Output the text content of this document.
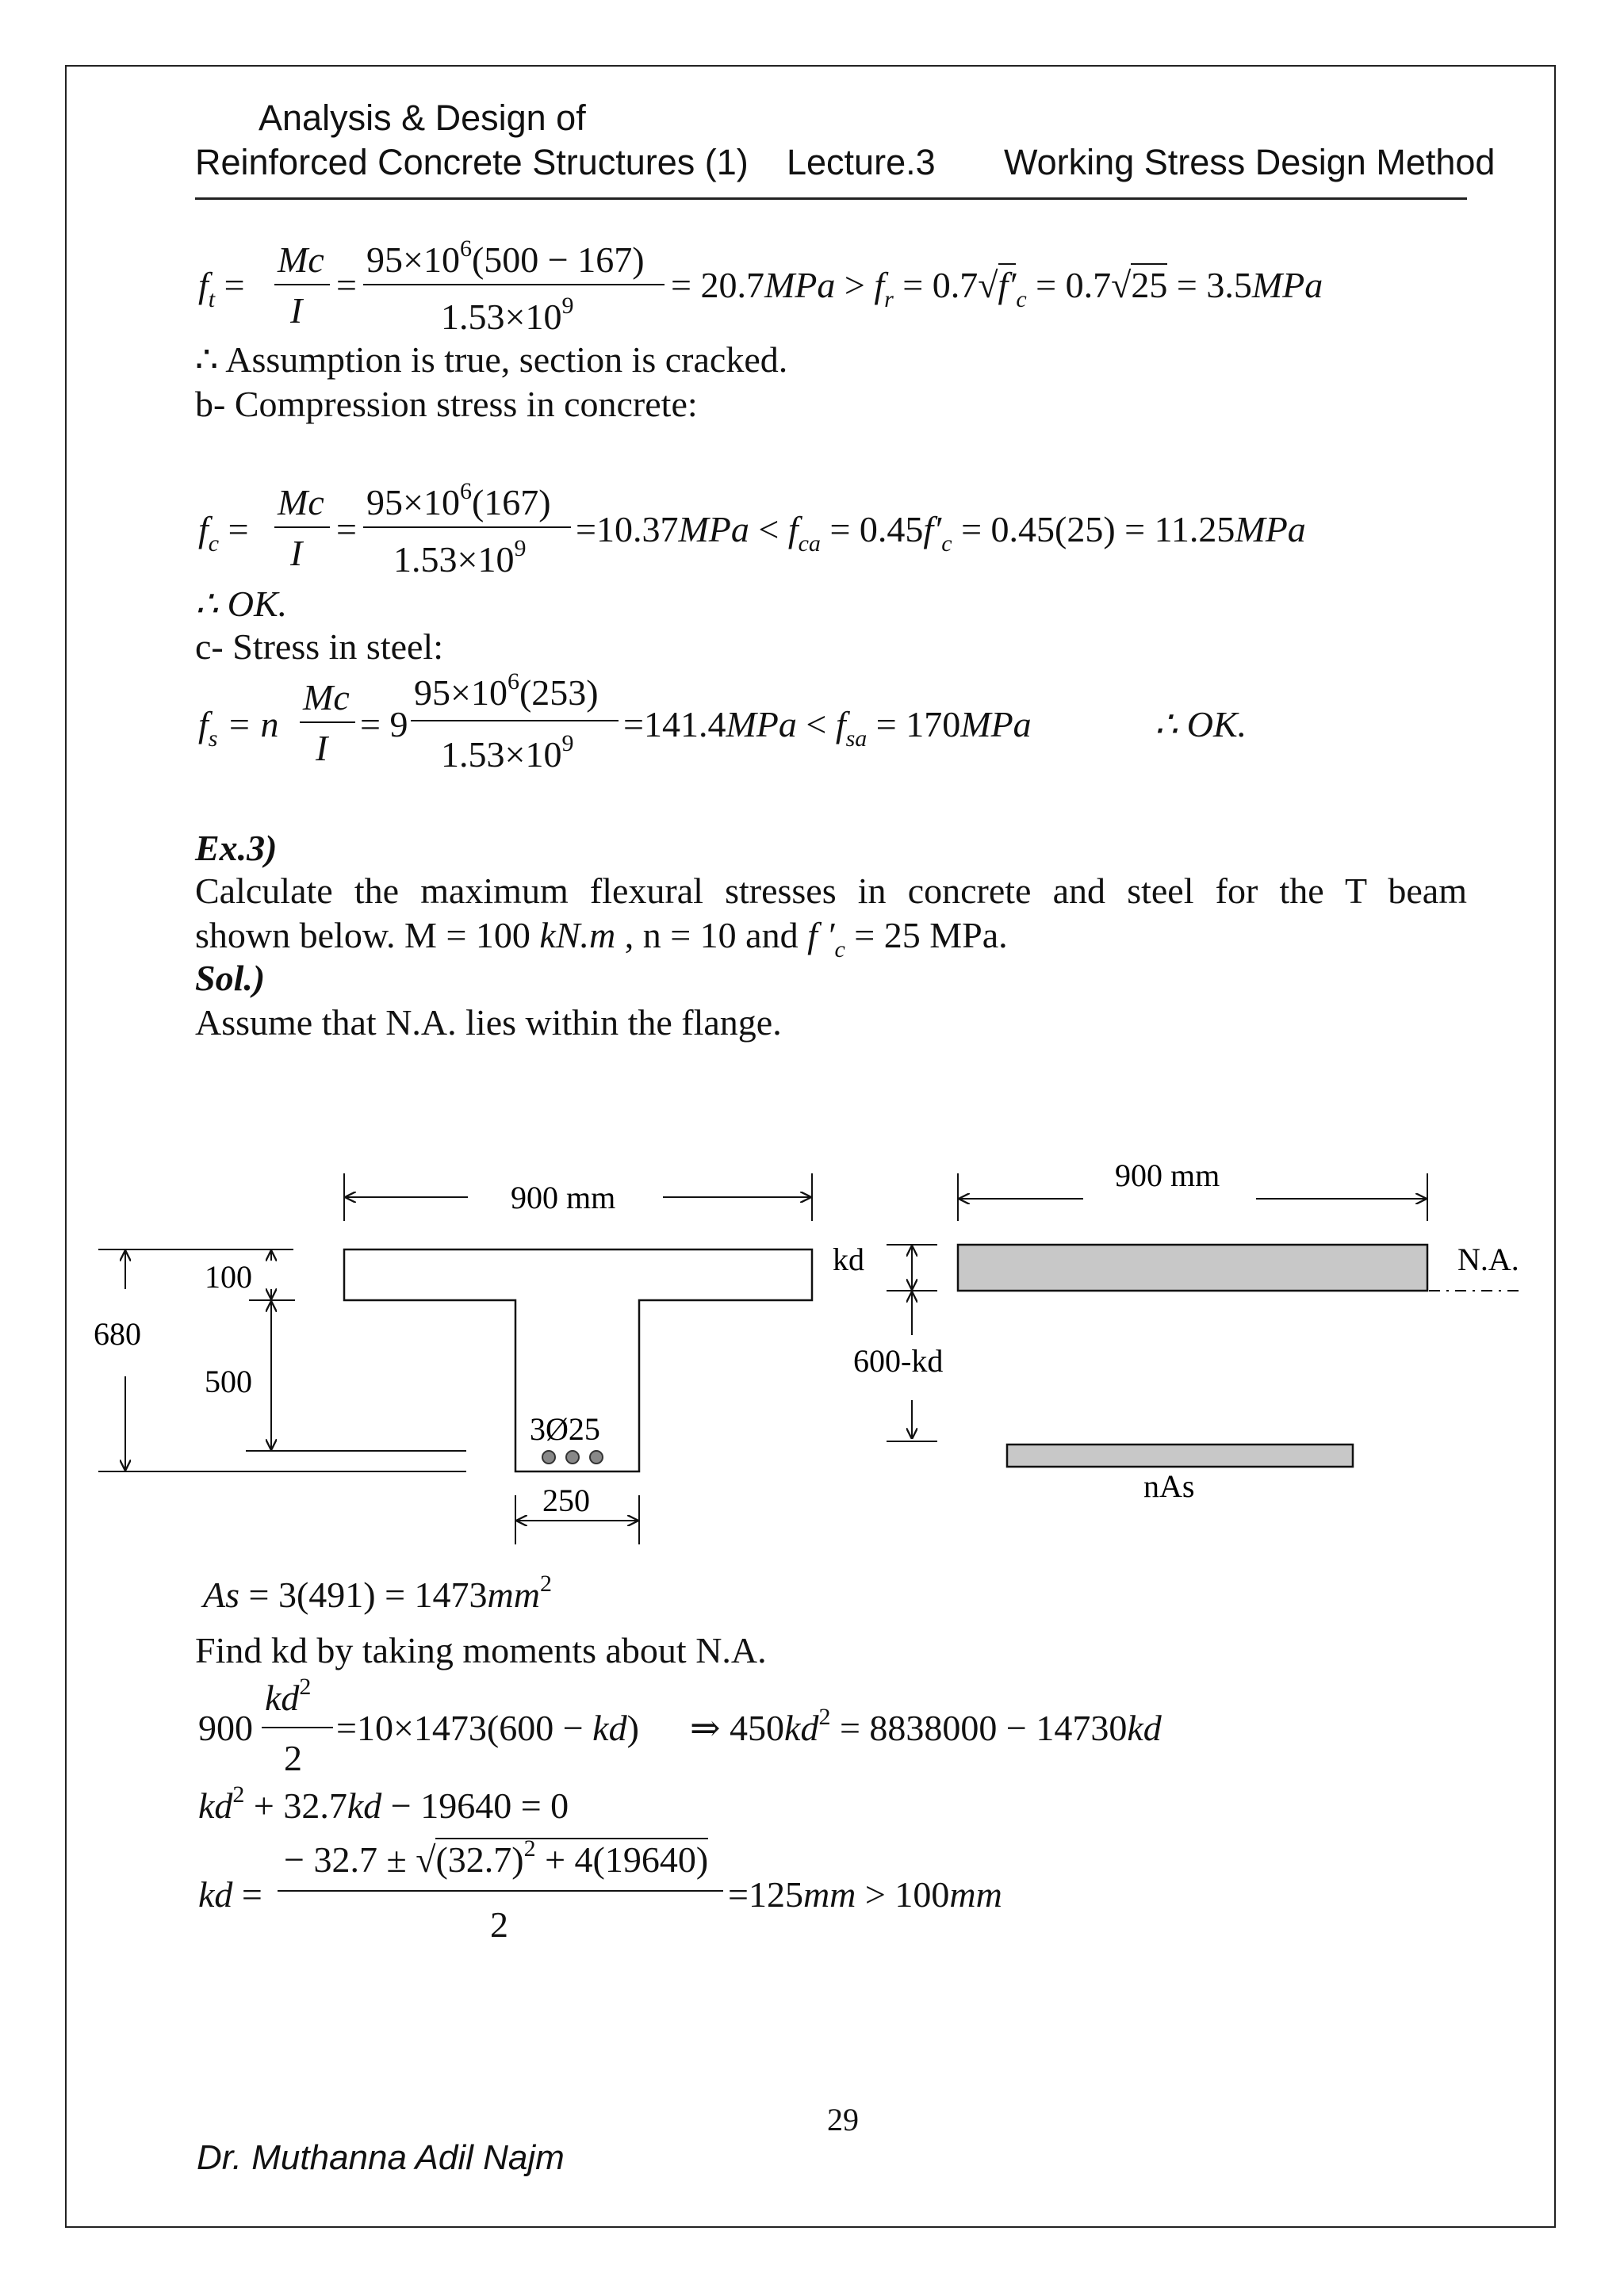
Analysis & Design of
Reinforced Concrete Structures (1) Lecture.3 Working Stress Design Method
$f_t$ =
Mc
I
=
$95\times 10^6(500 - 167)$
$1.53\times 10^9$
= $20.7MPa > f_r = 0.7√f'_c = 0.7√25 = 3.5MPa$
∴ Assumption is true, section is cracked.
b- Compression stress in concrete:
$f_c$ =
Mc
I
=
$95\times 10^6(167)$
$1.53\times 10^9 =10.37MPa < f_{ca} = 0.45f'_c = 0.45(25) = 11.25MPa$
∴ OK.
c- Stress in steel:
$f_s = n$
Mc
I
= 9
$95\times 10^6(253)$
$1.53\times 10^9 =141.4MPa < f_{sa} = 170MPa$	∴ OK.
Ex.3)
Calculate the maximum flexural stresses in concrete and steel for the T beam
shown below. M = 100 kN.m , n = 10 and f $'_c = 25$ MPa.
Sol.)
Assume that N.A. lies within the flange.
3Ø25
900 mm
100
680
500
250
N.A.
900 mm
kd
600-kd
nAs
$As = 3(491) = 1473mm^2$
Find kd by taking moments about N.A.
900
$kd^2$
2
=10×1473(600 − kd) ⇒ $450kd^2 = 8838000 - 14730kd$
$kd^2 + 32.7kd - 19640 = 0$
kd =
− $32.7 \pm √(32.7)^2 + 4(19640)$
2
=125mm > 100mm
29
Dr. Muthanna Adil Najm
